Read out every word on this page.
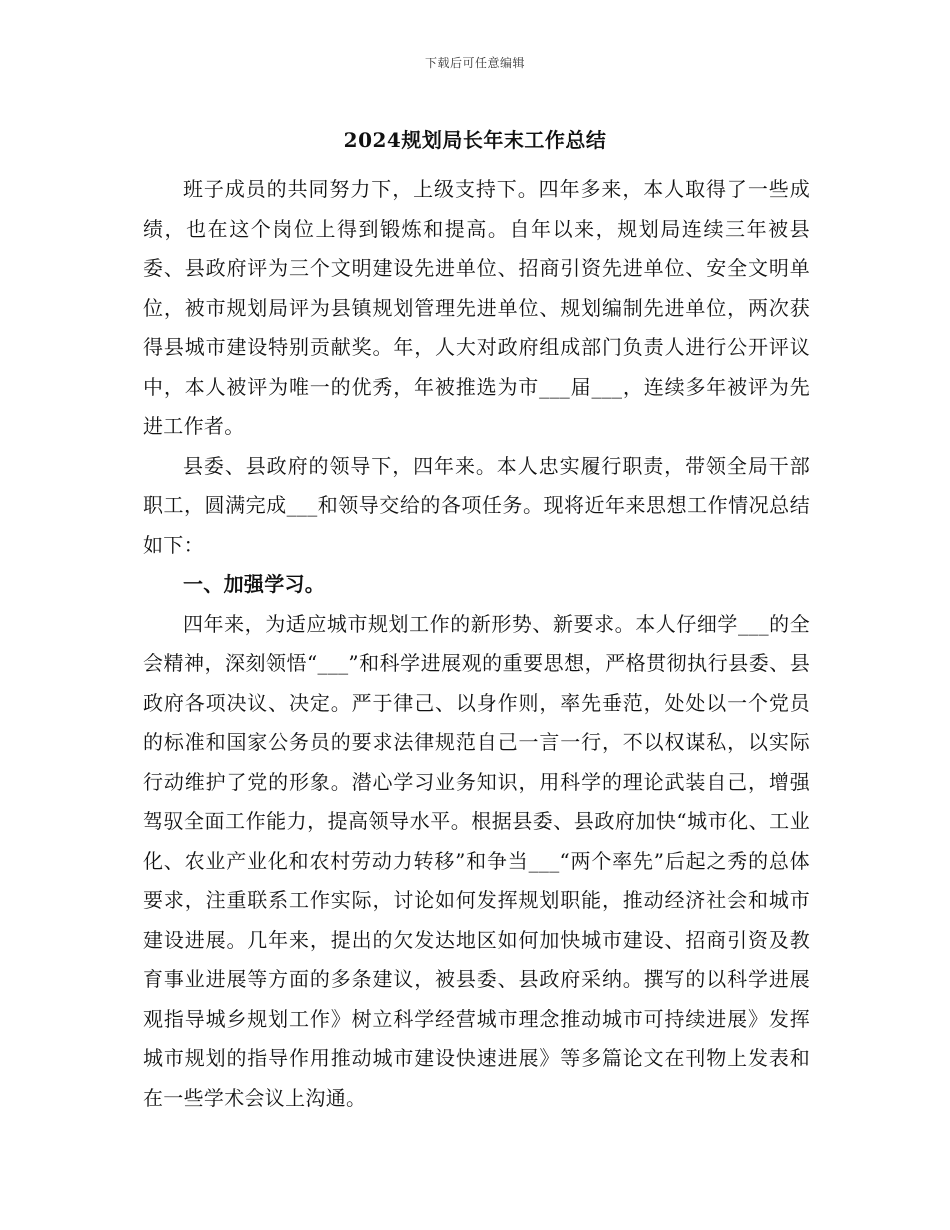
下载后可任意编辑
2024规划局长年末工作总结

班子成员的共同努力下，上级支持下。四年多来，本人取得了一些成绩，也在这个岗位上得到锻炼和提高。自年以来，规划局连续三年被县委、县政府评为三个文明建设先进单位、招商引资先进单位、安全文明单位，被市规划局评为县镇规划管理先进单位、规划编制先进单位，两次获得县城市建设特别贡献奖。年，人大对政府组成部门负责人进行公开评议中，本人被评为唯一的优秀，年被推选为市___届___，连续多年被评为先进工作者。

县委、县政府的领导下，四年来。本人忠实履行职责，带领全局干部职工，圆满完成___和领导交给的各项任务。现将近年来思想工作情况总结如下：

一、加强学习。

四年来，为适应城市规划工作的新形势、新要求。本人仔细学___的全会精神，深刻领悟“___”和科学进展观的重要思想，严格贯彻执行县委、县政府各项决议、决定。严于律己、以身作则，率先垂范，处处以一个党员的标准和国家公务员的要求法律规范自己一言一行，不以权谋私，以实际行动维护了党的形象。潜心学习业务知识，用科学的理论武装自己，增强驾驭全面工作能力，提高领导水平。根据县委、县政府加快“城市化、工业化、农业产业化和农村劳动力转移”和争当___“两个率先”后起之秀的总体要求，注重联系工作实际，讨论如何发挥规划职能，推动经济社会和城市建设进展。几年来，提出的欠发达地区如何加快城市建设、招商引资及教育事业进展等方面的多条建议，被县委、县政府采纳。撰写的以科学进展观指导城乡规划工作》树立科学经营城市理念推动城市可持续进展》发挥城市规划的指导作用推动城市建设快速进展》等多篇论文在刊物上发表和在一些学术会议上沟通。
